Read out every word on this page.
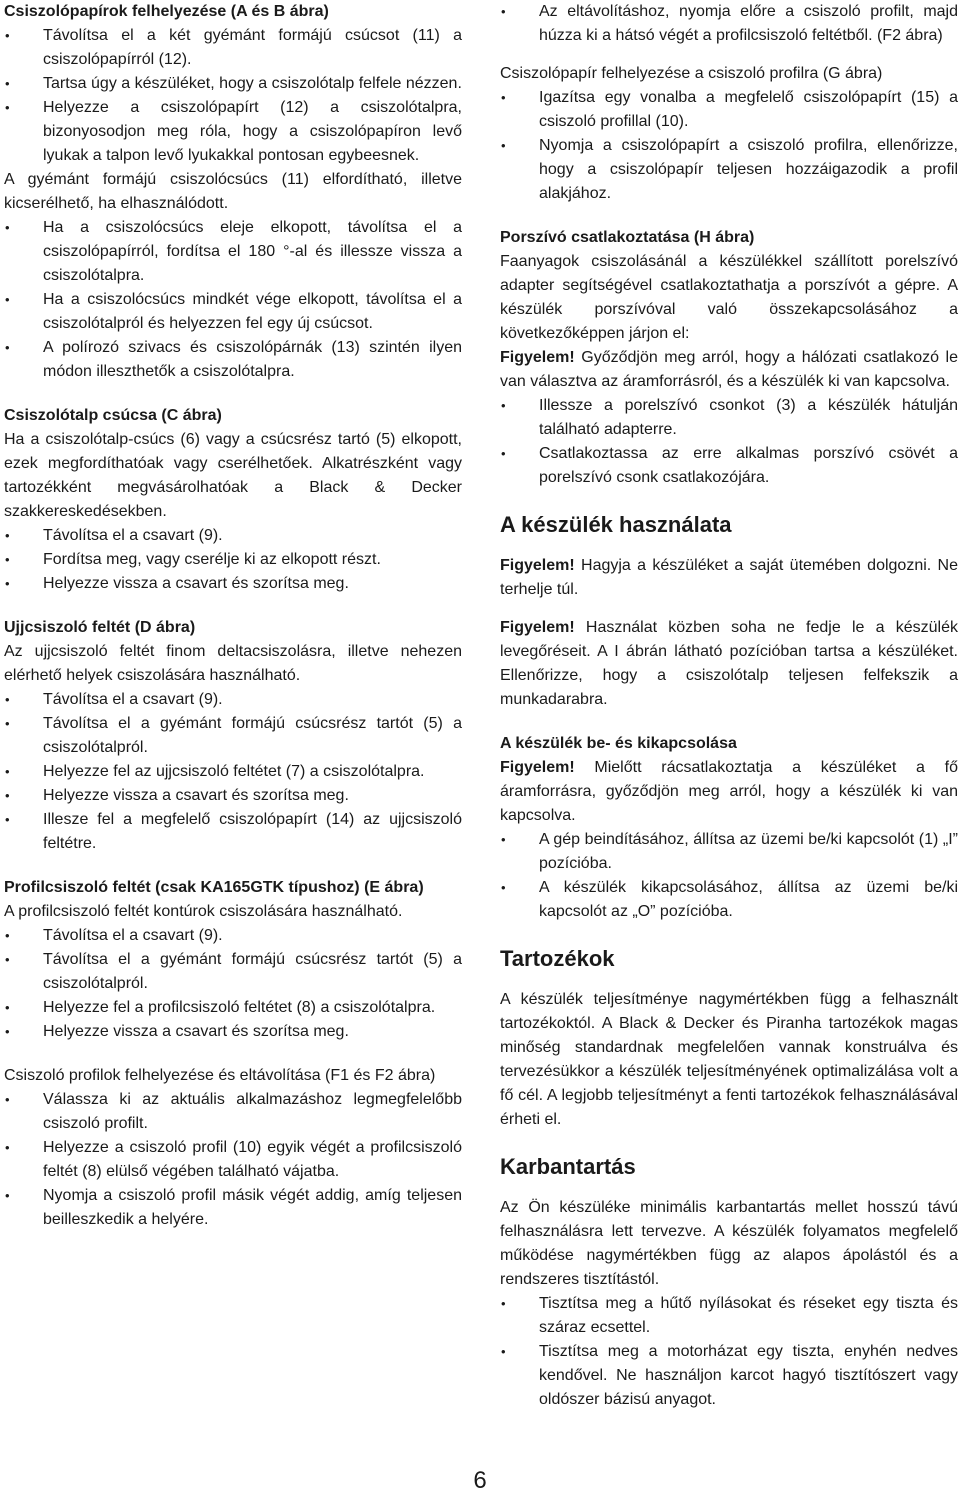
Csiszolópapírok felhelyezése (A és B ábra)

• Távolítsa el a két gyémánt formájú csúcsot (11) a csiszolópapírról (12).
• Tartsa úgy a készüléket, hogy a csiszolótalp felfele nézzen.
• Helyezze a csiszolópapírt (12) a csiszolótalpra, bizonyosodjon meg róla, hogy a csiszolópapíron levő lyukak a talpon levő lyukakkal pontosan egybeesnek.

A gyémánt formájú csiszolócsúcs (11) elfordítható, illetve kicserélhető, ha elhasználódott.

• Ha a csiszolócsúcs eleje elkopott, távolítsa el a csiszolópapírról, fordítsa el 180 °-al és illessze vissza a csiszolótalpra.
• Ha a csiszolócsúcs mindkét vége elkopott, távolítsa el a csiszolótalpról és helyezzen fel egy új csúcsot.
• A polírozó szivacs és csiszolópárnák (13) szintén ilyen módon illeszthetők a csiszolótalpra.

Csiszolótalp csúcsa (C ábra)

Ha a csiszolótalp-csúcs (6) vagy a csúcsrész tartó (5) elkopott, ezek megfordíthatóak vagy cserélhetőek. Alkatrészként vagy tartozékként megvásárolhatóak a Black & Decker szakkereskedésekben.

• Távolítsa el a csavart (9).
• Fordítsa meg, vagy cserélje ki az elkopott részt.
• Helyezze vissza a csavart és szorítsa meg.

Ujjcsiszoló feltét (D ábra)

Az ujjcsiszoló feltét finom deltacsiszolásra, illetve nehezen elérhető helyek csiszolására használható.

• Távolítsa el a csavart (9).
• Távolítsa el a gyémánt formájú csúcsrész tartót (5) a csiszolótalpról.
• Helyezze fel az ujjcsiszoló feltétet (7) a csiszolótalpra.
• Helyezze vissza a csavart és szorítsa meg.
• Illesze fel a megfelelő csiszolópapírt (14) az ujjcsiszoló feltétre.

Profilcsiszoló feltét (csak KA165GTK típushoz) (E ábra)

A profilcsiszoló feltét kontúrok csiszolására használható.

• Távolítsa el a csavart (9).
• Távolítsa el a gyémánt formájú csúcsrész tartót (5) a csiszolótalpról.
• Helyezze fel a profilcsiszoló feltétet (8) a csiszolótalpra.
• Helyezze vissza a csavart és szorítsa meg.

Csiszoló profilok felhelyezése és eltávolítása (F1 és F2 ábra)

• Válassza ki az aktuális alkalmazáshoz legmegfelelőbb csiszoló profilt.
• Helyezze a csiszoló profil (10) egyik végét a profilcsiszoló feltét (8) elülső végében található vájatba.
• Nyomja a csiszoló profil másik végét addig, amíg teljesen beilleszkedik a helyére.
• Az eltávolításhoz, nyomja előre a csiszoló profilt, majd húzza ki a hátsó végét a profilcsiszoló feltétből. (F2 ábra)

Csiszolópapír felhelyezése a csiszoló profilra (G ábra)

• Igazítsa egy vonalba a megfelelő csiszolópapírt (15) a csiszoló profillal (10).
• Nyomja a csiszolópapírt a csiszoló profilra, ellenőrizze, hogy a csiszolópapír teljesen hozzáigazodik a profil alakjához.

Porszívó csatlakoztatása (H ábra)

Faanyagok csiszolásánál a készülékkel szállított porelszívó adapter segítségével csatlakoztathatja a porszívót a gépre. A készülék porszívóval való összekapcsolásához a következőképpen járjon el:

Figyelem! Győződjön meg arról, hogy a hálózati csatlakozó le van választva az áramforrásról, és a készülék ki van kapcsolva.

• Illessze a porelszívó csonkot (3) a készülék hátulján található adapterre.
• Csatlakoztassa az erre alkalmas porszívó csövét a porelszívó csonk csatlakozójára.
A készülék használata

Figyelem! Hagyja a készüléket a saját ütemében dolgozni. Ne terhelje túl.

Figyelem! Használat közben soha ne fedje le a készülék levegőréseit. A I ábrán látható pozícióban tartsa a készüléket. Ellenőrizze, hogy a csiszolótalp teljesen felfekszik a munkadarabra.

A készülék be- és kikapcsolása

Figyelem! Mielőtt rácsatlakoztatja a készüléket a fő áramforrásra, győződjön meg arról, hogy a készülék ki van kapcsolva.

• A gép beindításához, állítsa az üzemi be/ki kapcsolót (1) „I” pozícióba.
• A készülék kikapcsolásához, állítsa az üzemi be/ki kapcsolót az „O” pozícióba.
Tartozékok

A készülék teljesítménye nagymértékben függ a felhasznált tartozékoktól. A Black & Decker és Piranha tartozékok magas minőség standardnak megfelelően vannak konstruálva és tervezésükkor a készülék teljesítményének optimalizálása volt a fő cél. A legjobb teljesítményt a fenti tartozékok felhasználásával érheti el.

Karbantartás

Az Ön készüléke minimális karbantartás mellet hosszú távú felhasználásra lett tervezve. A készülék folyamatos megfelelő működése nagymértékben függ az alapos ápolástól és a rendszeres tisztítástól.

• Tisztítsa meg a hűtő nyílásokat és réseket egy tiszta és száraz ecsettel.
• Tisztítsa meg a motorházat egy tiszta, enyhén nedves kendővel. Ne használjon karcot hagyó tisztítószert vagy oldószer bázisú anyagot.
6
